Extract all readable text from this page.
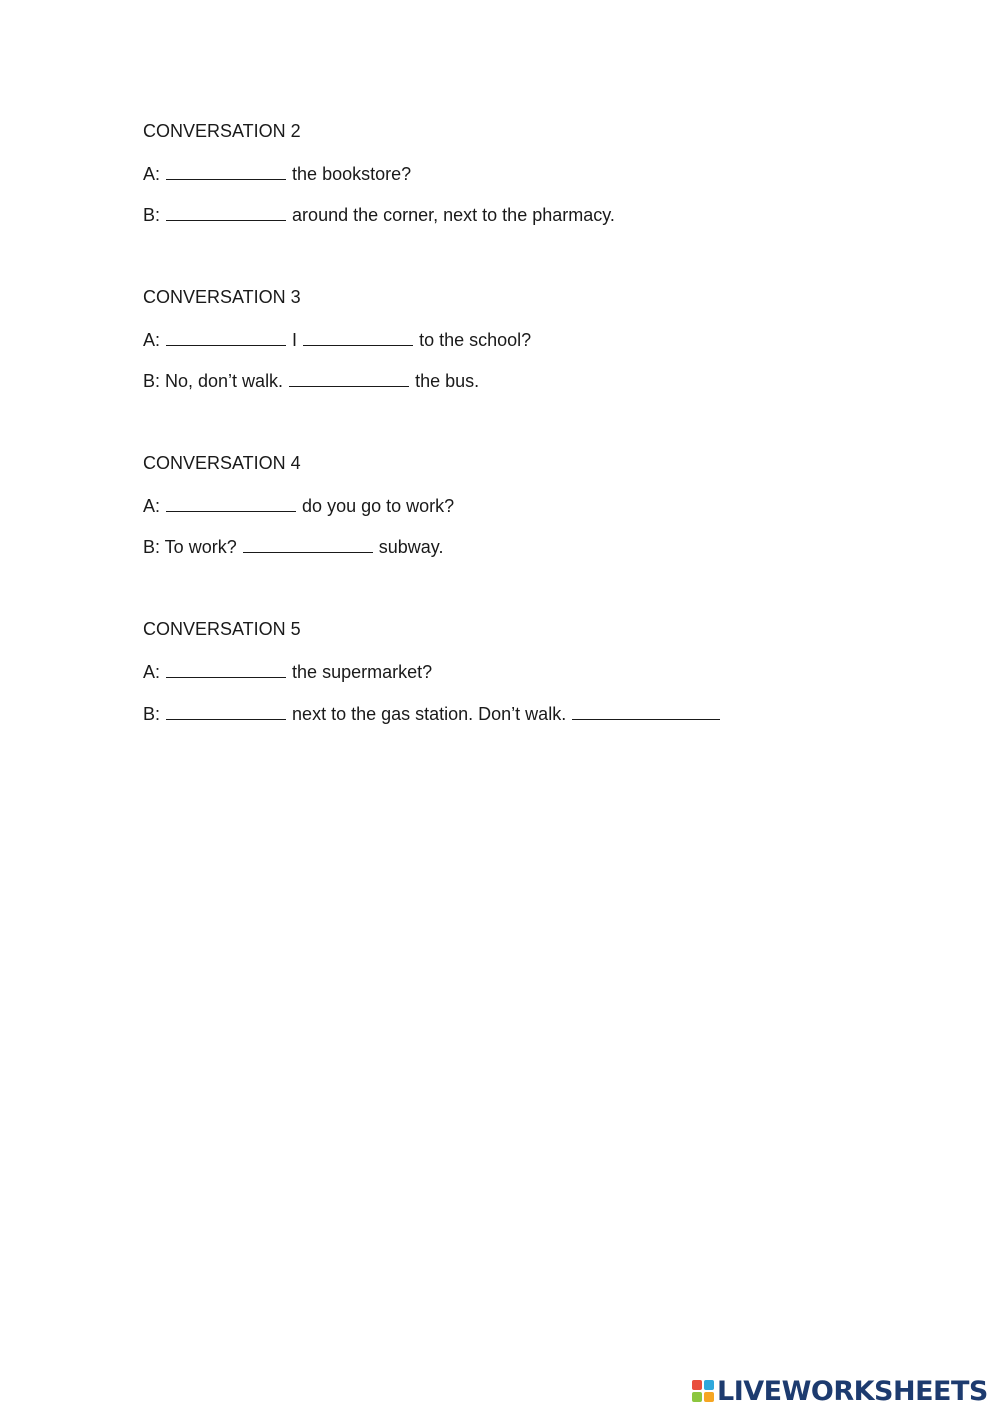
CONVERSATION 2
A:	the bookstore?
B:	around the corner, next to the pharmacy.
CONVERSATION 3
A:	I	to the school?
B: No, don’t walk.	the bus.
CONVERSATION 4
A:	do you go to work?
B: To work?	subway.
CONVERSATION 5
A:	the supermarket?
B:	next to the gas station. Don’t walk.
LIVEWORKSHEETS
